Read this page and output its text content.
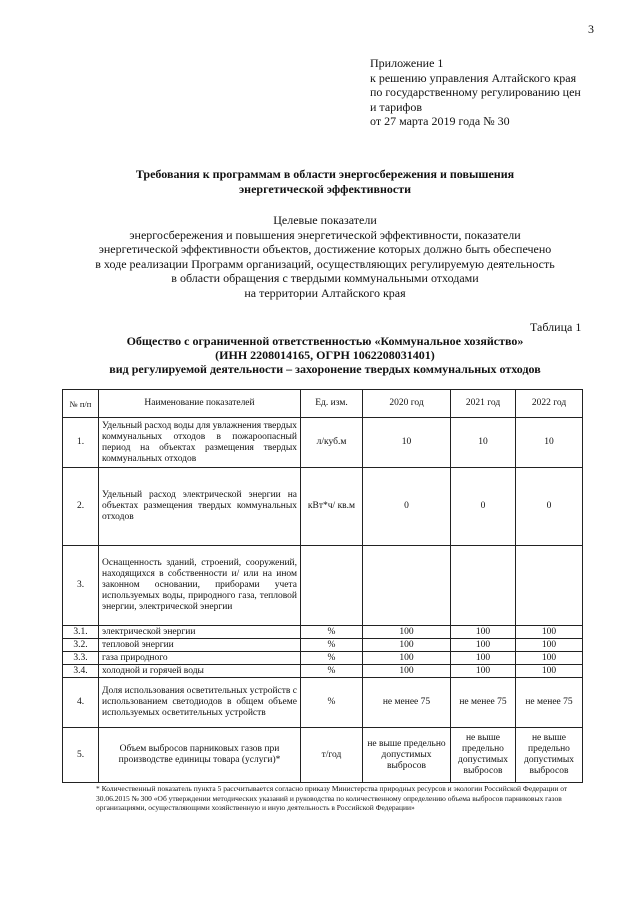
3
Приложение 1
к решению управления Алтайского края
по государственному регулированию цен
и тарифов
от 27 марта 2019 года № 30
Требования к программам в области энергосбережения и повышения
энергетической эффективности
Целевые показатели
энергосбережения и повышения энергетической эффективности, показатели
энергетической эффективности объектов, достижение которых должно быть обеспечено
в ходе реализации Программ организаций, осуществляющих регулируемую деятельность
в области обращения с твердыми коммунальными отходами
на территории Алтайского края
Таблица 1
Общество с ограниченной ответственностью «Коммунальное хозяйство»
(ИНН 2208014165, ОГРН 1062208031401)
вид регулируемой деятельности – захоронение твердых коммунальных отходов
№ п/п	Наименование показателей	Ед. изм.	2020 год	2021 год	2022 год
1.	Удельный расход воды для увлажнения твердых коммунальных отходов в пожароопасный период на объектах размещения твердых коммунальных отходов	л/куб.м	10	10	10
2.	Удельный расход электрической энергии на объектах размещения твердых коммунальных отходов	кВт*ч/ кв.м	0	0	0
3.	Оснащенность зданий, строений, сооружений, находящихся в собственности и/ или на ином законном основании, приборами учета используемых воды, природного газа, тепловой энергии, электрической энергии				
3.1.	электрической энергии	%	100	100	100
3.2.	тепловой энергии	%	100	100	100
3.3.	газа природного	%	100	100	100
3.4.	холодной и горячей воды	%	100	100	100
4.	Доля использования осветительных устройств с использованием светодиодов в общем объеме используемых осветительных устройств	%	не менее 75	не менее 75	не менее 75
5.	Объем выбросов парниковых газов при производстве единицы товара (услуги)*	т/год	не выше предельно допустимых выбросов	не выше предельно допустимых выбросов	не выше предельно допустимых выбросов
* Количественный показатель пункта 5 рассчитывается согласно приказу Министерства природных ресурсов и экологии Российской Федерации от 30.06.2015 № 300 «Об утверждении методических указаний и руководства по количественному определению объема выбросов парниковых газов организациями, осуществляющими хозяйственную и иную деятельность в Российской Федерации»
